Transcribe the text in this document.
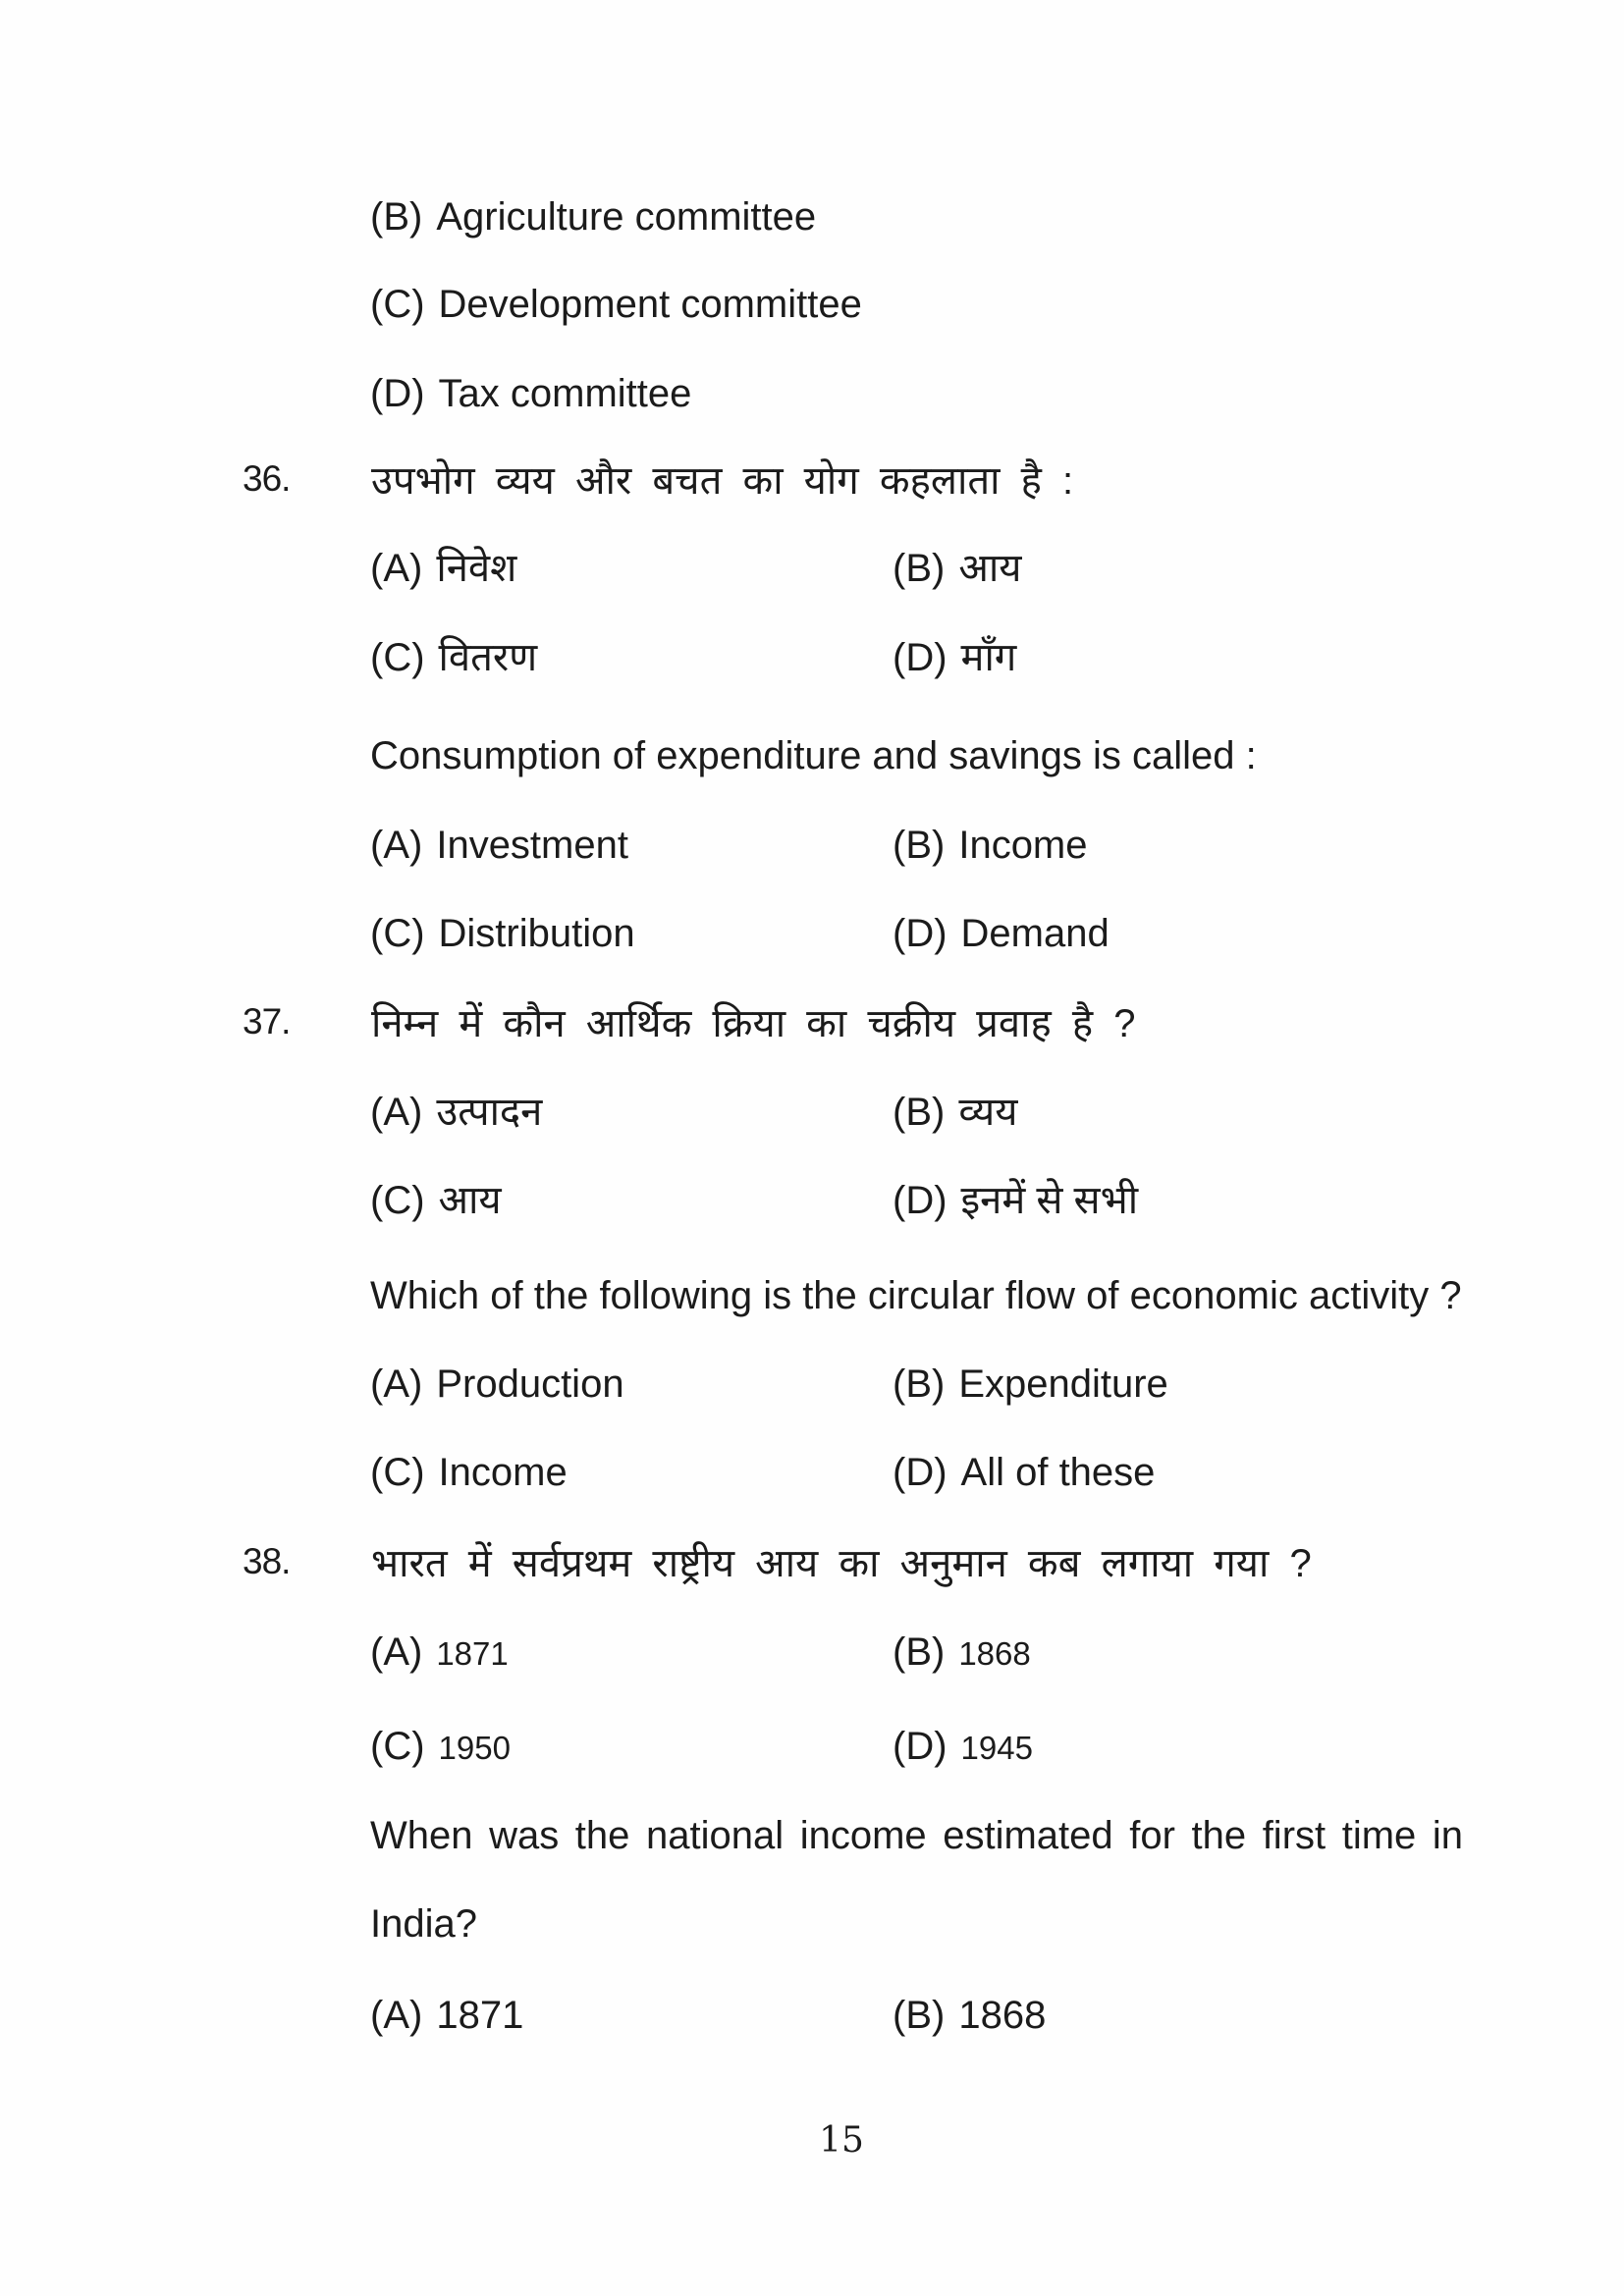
(B) Agriculture committee
(C) Development committee
(D) Tax committee
36. उपभोग व्यय और बचत का योग कहलाता है :
(A) निवेश	(B) आय
(C) वितरण	(D) माँग
Consumption of expenditure and savings is called :
(A) Investment	(B) Income
(C) Distribution	(D) Demand
37. निम्न में कौन आर्थिक क्रिया का चक्रीय प्रवाह है ?
(A) उत्पादन	(B) व्यय
(C) आय	(D) इनमें से सभी
Which of the following is the circular flow of economic activity ?
(A) Production	(B) Expenditure
(C) Income	(D) All of these
38. भारत में सर्वप्रथम राष्ट्रीय आय का अनुमान कब लगाया गया ?
(A) 1871	(B) 1868
(C) 1950	(D) 1945
When was the national income estimated for the first time in
India?
(A) 1871	(B) 1868
15
